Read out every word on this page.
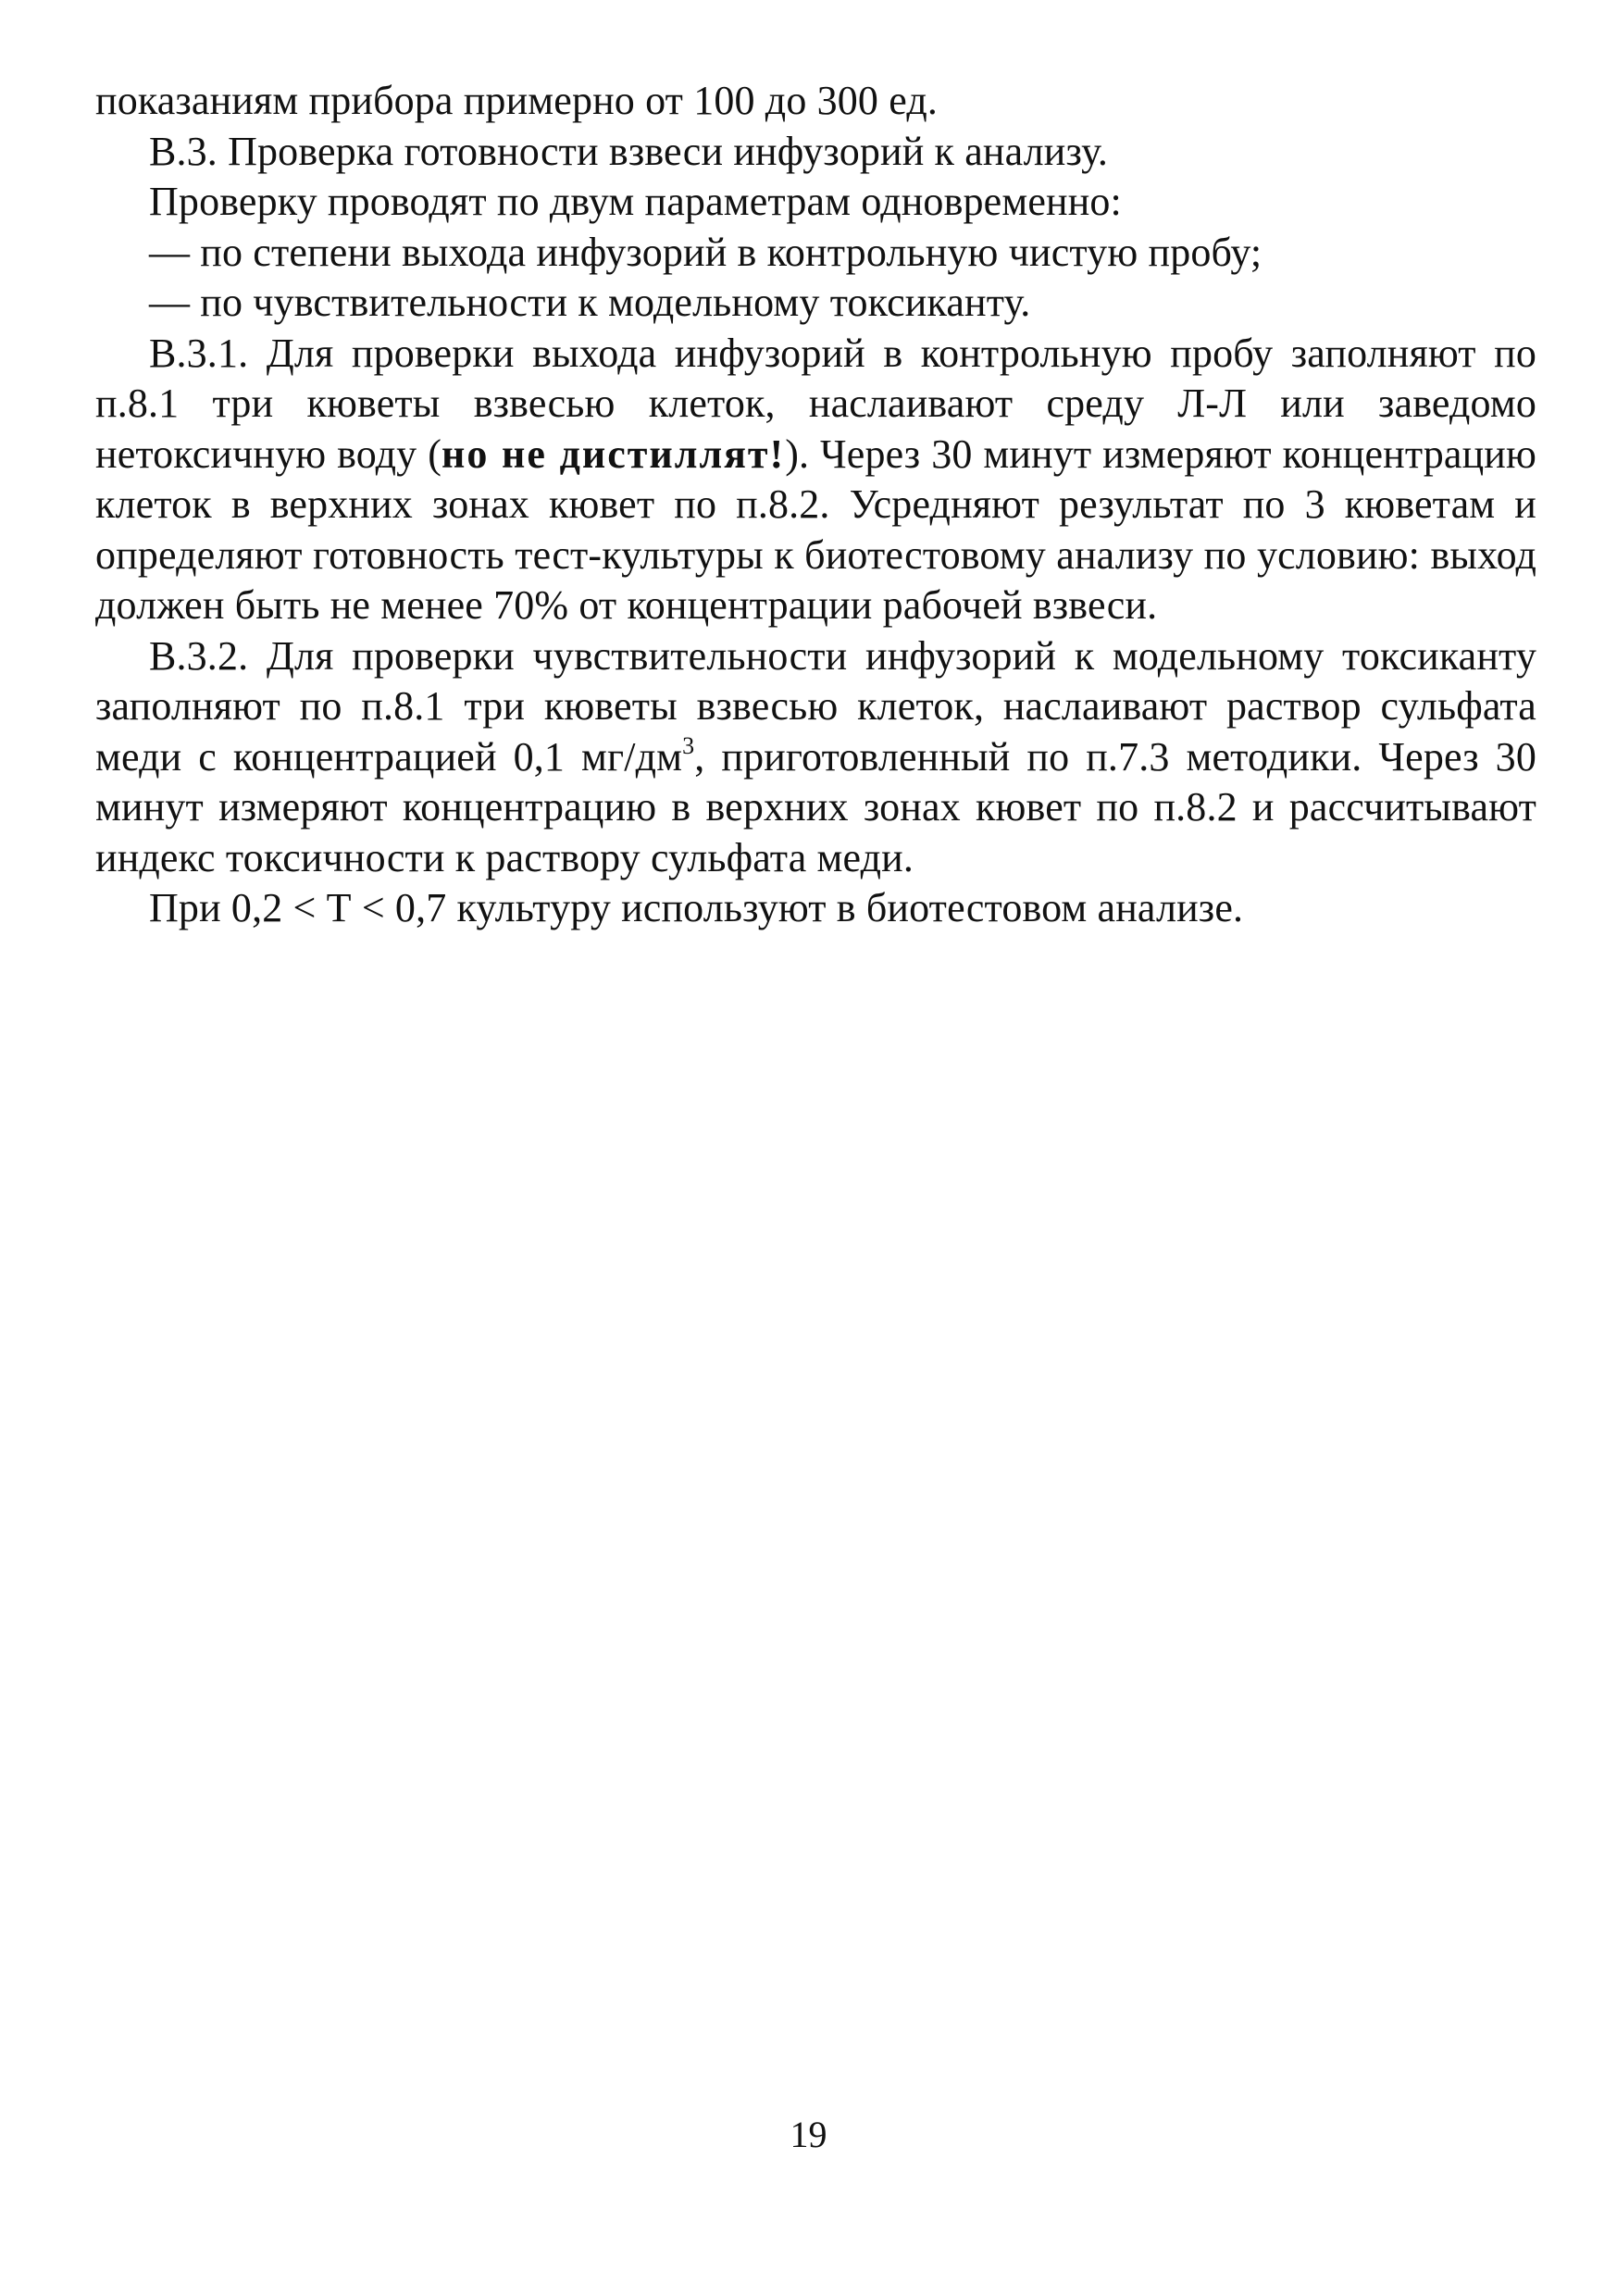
показаниям прибора примерно от 100 до 300 ед.

В.3. Проверка готовности взвеси инфузорий к анализу.

Проверку проводят по двум параметрам одновременно:

— по степени выхода инфузорий в контрольную чистую пробу;

— по чувствительности к модельному токсиканту.

В.3.1. Для проверки выхода инфузорий в контрольную пробу заполняют по п.8.1 три кюветы взвесью клеток, наслаивают среду Л-Л или заведомо нетоксичную воду (но не дистиллят!). Через 30 минут измеряют концентрацию клеток в верхних зонах кювет по п.8.2. Усредняют результат по 3 кюветам и определяют готовность тест-культуры к биотестовому анализу по условию: выход должен быть не менее 70% от концентрации рабочей взвеси.

В.3.2. Для проверки чувствительности инфузорий к модельному токсиканту заполняют по п.8.1 три кюветы взвесью клеток, наслаивают раствор сульфата меди с концентрацией 0,1 $мг/дм^3$, приготовленный по п.7.3 методики. Через 30 минут измеряют концентрацию в верхних зонах кювет по п.8.2 и рассчитывают индекс токсичности к раствору сульфата меди.

При 0,2 < Т < 0,7 культуру используют в биотестовом анализе.

19
